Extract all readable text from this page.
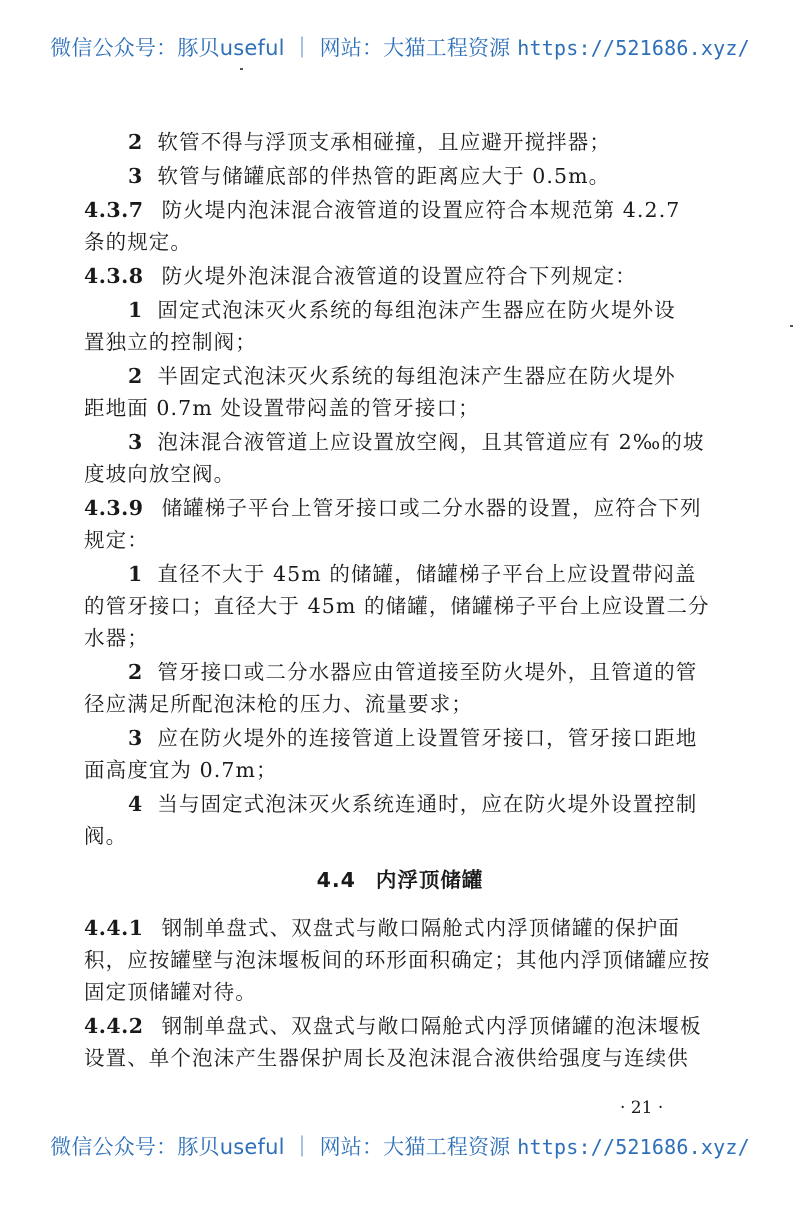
微信公众号：豚贝useful ｜ 网站：大猫工程资源 https://521686.xyz/
2 软管不得与浮顶支承相碰撞，且应避开搅拌器；
3 软管与储罐底部的伴热管的距离应大于 0.5m。
4.3.7 防火堤内泡沫混合液管道的设置应符合本规范第 4.2.7
条的规定。
4.3.8 防火堤外泡沫混合液管道的设置应符合下列规定：
1 固定式泡沫灭火系统的每组泡沫产生器应在防火堤外设
置独立的控制阀；
2 半固定式泡沫灭火系统的每组泡沫产生器应在防火堤外
距地面 0.7m 处设置带闷盖的管牙接口；
3 泡沫混合液管道上应设置放空阀，且其管道应有 2‰的坡
度坡向放空阀。
4.3.9 储罐梯子平台上管牙接口或二分水器的设置，应符合下列
规定：
1 直径不大于 45m 的储罐，储罐梯子平台上应设置带闷盖
的管牙接口；直径大于 45m 的储罐，储罐梯子平台上应设置二分
水器；
2 管牙接口或二分水器应由管道接至防火堤外，且管道的管
径应满足所配泡沫枪的压力、流量要求；
3 应在防火堤外的连接管道上设置管牙接口，管牙接口距地
面高度宜为 0.7m；
4 当与固定式泡沫灭火系统连通时，应在防火堤外设置控制
阀。
4.4 内浮顶储罐
4.4.1 钢制单盘式、双盘式与敞口隔舱式内浮顶储罐的保护面
积，应按罐壁与泡沫堰板间的环形面积确定；其他内浮顶储罐应按
固定顶储罐对待。
4.4.2 钢制单盘式、双盘式与敞口隔舱式内浮顶储罐的泡沫堰板
设置、单个泡沫产生器保护周长及泡沫混合液供给强度与连续供
· 21 ·
微信公众号：豚贝useful ｜ 网站：大猫工程资源 https://521686.xyz/
